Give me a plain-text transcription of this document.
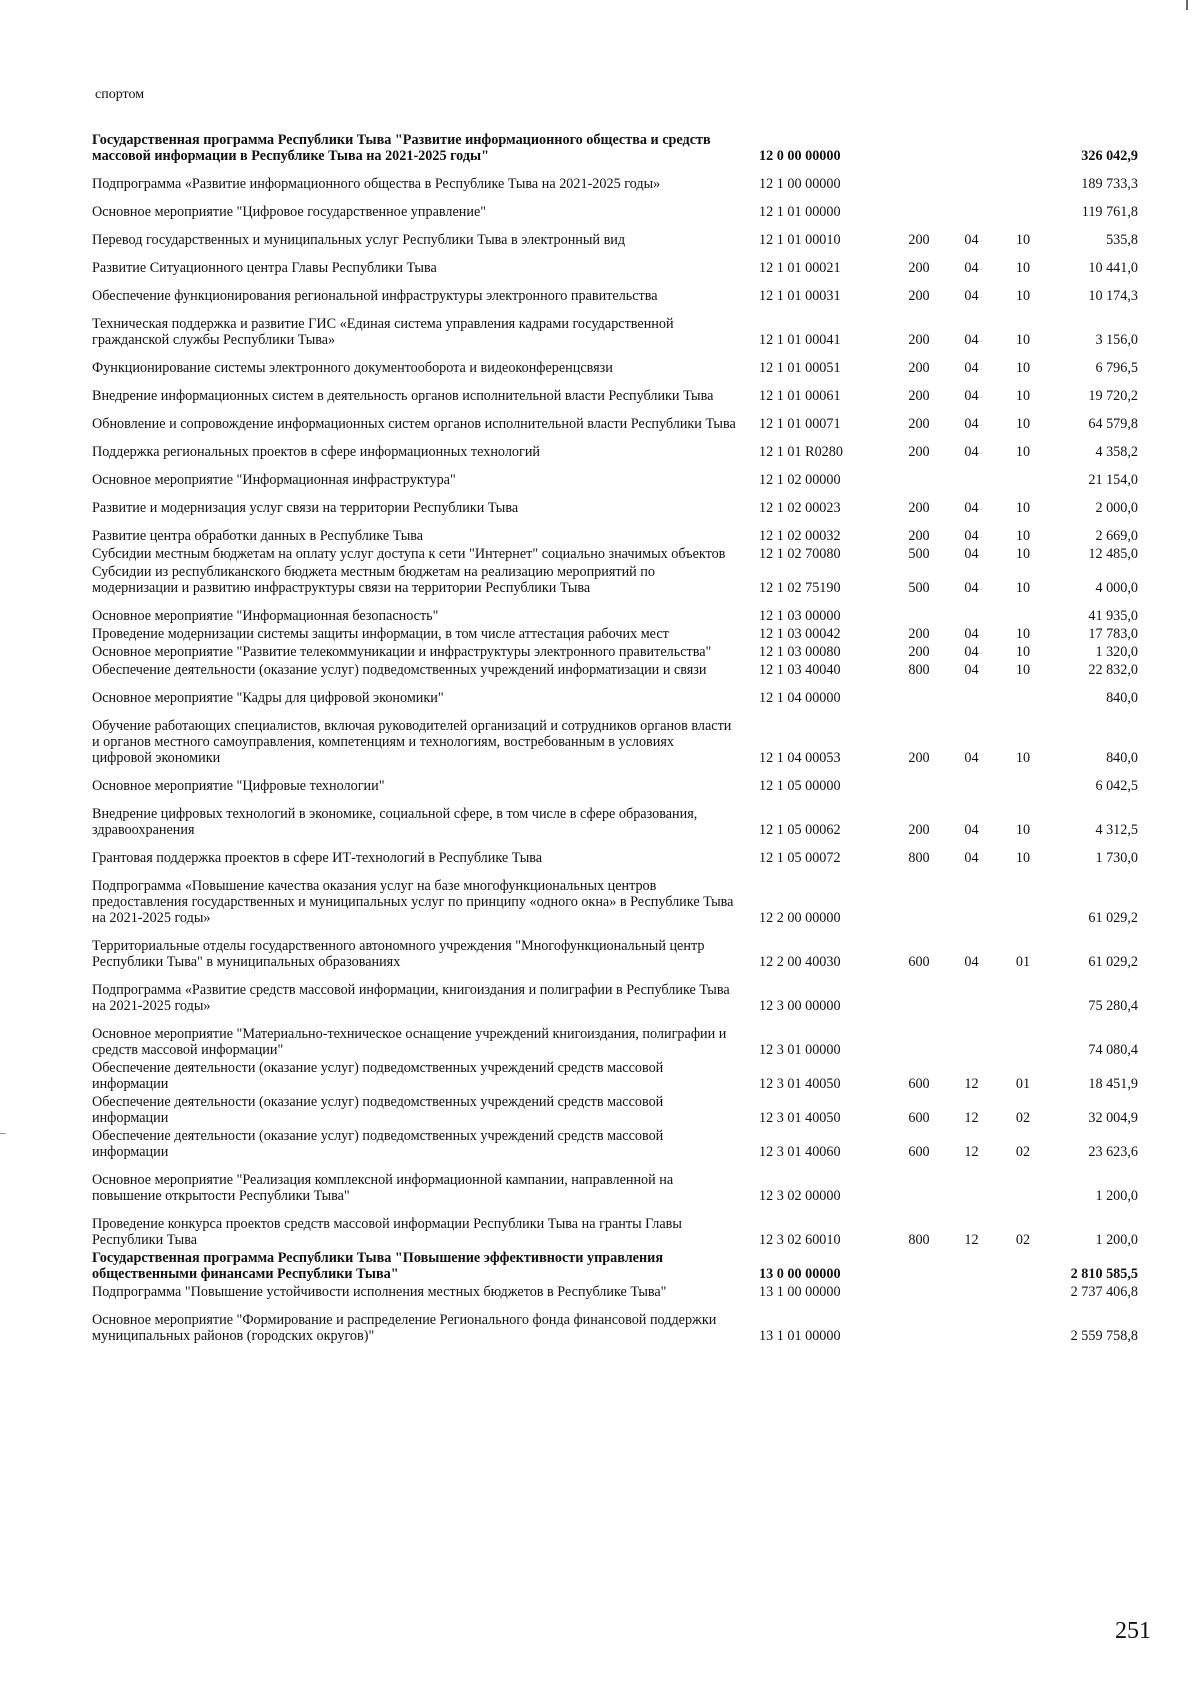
спортом
Государственная программа Республики Тыва "Развитие информационного общества и средств массовой информации в Республике Тыва на 2021-2025 годы"	12 0 00 00000				326 042,9
Подпрограмма «Развитие информационного общества в Республике Тыва на 2021-2025 годы»	12 1 00 00000				189 733,3
Основное мероприятие "Цифровое государственное управление"	12 1 01 00000				119 761,8
Перевод государственных и муниципальных услуг Республики Тыва в электронный вид	12 1 01 00010	200	04	10	535,8
Развитие Ситуационного центра Главы Республики Тыва	12 1 01 00021	200	04	10	10 441,0
Обеспечение функционирования региональной инфраструктуры электронного правительства	12 1 01 00031	200	04	10	10 174,3
Техническая поддержка и развитие ГИС «Единая система управления кадрами государственной гражданской службы Республики Тыва»	12 1 01 00041	200	04	10	3 156,0
Функционирование системы электронного документооборота и видеоконференцсвязи	12 1 01 00051	200	04	10	6 796,5
Внедрение информационных систем в деятельность органов исполнительной власти Республики Тыва	12 1 01 00061	200	04	10	19 720,2
Обновление и сопровождение информационных систем органов исполнительной власти Республики Тыва	12 1 01 00071	200	04	10	64 579,8
Поддержка региональных проектов в сфере информационных технологий	12 1 01 R0280	200	04	10	4 358,2
Основное мероприятие "Информационная инфраструктура"	12 1 02 00000				21 154,0
Развитие и модернизация услуг связи на территории Республики Тыва	12 1 02 00023	200	04	10	2 000,0
Развитие центра обработки данных в Республике Тыва	12 1 02 00032	200	04	10	2 669,0
Субсидии местным бюджетам на оплату услуг доступа к сети "Интернет" социально значимых объектов	12 1 02 70080	500	04	10	12 485,0
Субсидии из республиканского бюджета местным бюджетам на реализацию мероприятий по модернизации и развитию инфраструктуры связи на территории Республики Тыва	12 1 02 75190	500	04	10	4 000,0
Основное мероприятие "Информационная безопасность"	12 1 03 00000				41 935,0
Проведение модернизации системы защиты информации, в том числе аттестация рабочих мест	12 1 03 00042	200	04	10	17 783,0
Основное мероприятие "Развитие телекоммуникации и инфраструктуры электронного правительства"	12 1 03 00080	200	04	10	1 320,0
Обеспечение деятельности (оказание услуг) подведомственных учреждений информатизации и связи	12 1 03 40040	800	04	10	22 832,0
Основное мероприятие "Кадры для цифровой экономики"	12 1 04 00000				840,0
Обучение работающих специалистов, включая руководителей организаций и сотрудников органов власти и органов местного самоуправления, компетенциям и технологиям, востребованным в условиях цифровой экономики	12 1 04 00053	200	04	10	840,0
Основное мероприятие "Цифровые технологии"	12 1 05 00000				6 042,5
Внедрение цифровых технологий в экономике, социальной сфере, в том числе в сфере образования, здравоохранения	12 1 05 00062	200	04	10	4 312,5
Грантовая поддержка проектов в сфере ИТ-технологий в Республике Тыва	12 1 05 00072	800	04	10	1 730,0
Подпрограмма «Повышение качества оказания услуг на базе многофункциональных центров предоставления государственных и муниципальных услуг по принципу «одного окна» в Республике Тыва на 2021-2025 годы»	12 2 00 00000				61 029,2
Территориальные отделы государственного автономного учреждения "Многофункциональный центр Республики Тыва" в муниципальных образованиях	12 2 00 40030	600	04	01	61 029,2
Подпрограмма «Развитие средств массовой информации, книгоиздания и полиграфии в Республике Тыва на 2021-2025 годы»	12 3 00 00000				75 280,4
Основное мероприятие "Материально-техническое оснащение учреждений книгоиздания, полиграфии и средств массовой информации"	12 3 01 00000				74 080,4
Обеспечение деятельности (оказание услуг) подведомственных учреждений средств массовой информации	12 3 01 40050	600	12	01	18 451,9
Обеспечение деятельности (оказание услуг) подведомственных учреждений средств массовой информации	12 3 01 40050	600	12	02	32 004,9
Обеспечение деятельности (оказание услуг) подведомственных учреждений средств массовой информации	12 3 01 40060	600	12	02	23 623,6
Основное мероприятие "Реализация комплексной информационной кампании, направленной на повышение открытости Республики Тыва"	12 3 02 00000				1 200,0
Проведение конкурса проектов средств массовой информации Республики Тыва на гранты Главы Республики Тыва	12 3 02 60010	800	12	02	1 200,0
Государственная программа Республики Тыва "Повышение эффективности управления общественными финансами Республики Тыва"	13 0 00 00000				2 810 585,5
Подпрограмма "Повышение устойчивости исполнения местных бюджетов в Республике Тыва"	13 1 00 00000				2 737 406,8
Основное мероприятие "Формирование и распределение Регионального фонда финансовой поддержки муниципальных районов (городских округов)"	13 1 01 00000				2 559 758,8
251
